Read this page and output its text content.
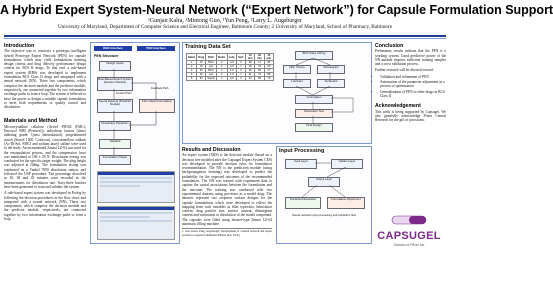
A Hybrid Expert System-Neural Network (“Expert Network”) for Capsule Formulation Support
¹Gunjan Kalra, ¹Mintong Guo, ¹Yun Peng, ²Larry L. Augsburger
University of Maryland, Department of Computer Science and Electrical Engineer, Baltimore County; 2 University of Maryland, School of Pharmacy, Baltimore
Introduction
The objective was to construct a prototype intelligent hybrid Prototype Expert Network (PEN) for capsule formulation, which may yield formulations meeting design criteria and drug delivery performance design criteria for BCS II drugs. To that end, a rule-based expert system (RBS) was developed to implement formulation BCS Class II drugs and integrated with a neural network (NN). These two components, which comprise the decision module and the predictor module, respectively, are connected together by two information exchange paths to form a loop. The system is believed to have the power to design a suitable capsule formulation to meet both requirements of quality control and dissolution.
Materials and Method
Microcrystalline cellulose (Avicel PH102 (FMC); Emcocel 90M (Penwest)), anhydrous lactose (direct tableting grade; Quest International), pregelatinized starch (Starch 1500, Colorcon), croscarmellose sodium (Ac-Di-Sol, FMC) and sodium lauryl sulfate were used in the study. An instrumented Zanasi LZ-64 was used for the encapsulation process, and the compression force was maintained at 100 ± 20 N. Dissolution testing was conducted for the specific target weight. The plug height was adjusted at filling. The formulation testing was conducted on a Vankel 7000 dissolution station, and followed the USP procedure. The percentage dissolved in 10, 30 and 45 minutes were recorded as the measurements for dissolution rate. Sixty-three batches have been generated to train and validate the system.
A rule-based expert system was developed in Prolog by following the decision procedures in the flow chart, and integrated with a neural network (NN). These two components, which comprise the decision module and the predictor module, respectively, are connected together by two information exchange paths to form a loop.
RBS Interface	PEN Interface
PEN Structure
Design Inputs
Rule-Based Expert System (Decision Module)
Neural Network (Predictor Module)
Dissolution Prediction
Fail / Adjust Formulation
Satisfied
Formulation Output
Feedback Path
Forward Path
Training Data Set
Batch	Drug	Filler	Disint.	Lubr.	Surf.	10 min	30 min	45 min
1	15	MCC	2	0.5	0	38	71	85
2	15	Lac	4	0.5	1	45	79	90
3	30	MCC	2	1.0	0	29	62	77
4	30	Lac	4	1.0	1	41	74	88
5	50	Starch	2	0.5	0	22	55	70
BCS Class II Drug
Filler Choice	Disintegrant
Lubricant	Surfactant
Formulation
Dissolution Test
Final Design
Results and Discussion
An expert system (XRS) is the decision module (based on a decision tree modeled after the Capsugel Expert System CES) was developed to provide decision rules for formulation recommendation. The NN is the prediction module (using backpropagation learning) was developed to predict the probability for the expected outcomes of the recommended formulation. The NN was trained with experiment data to capture the causal associations between the formulation and the outcome. The training was conducted with two experimental datasets using processes as a model drug. The datasets represent two response surface designs for the capsule formulations which were developed to reflect the mapping from such variables as filler type/ratio, lubrication content, drug particle size, surface content, disintegrant content and surfactants to dissolution of the model compound. The capsules were filled using dosator-type Zanasi LZ-64 automatic filling machine.
1. Guo, Kalra, Peng, Augsburger: Development of a neural network and expert system for capsule formulation (Pharm. Dev. Tech.)
Input Processing
Input Layer	Hidden Layer
Output Layer
Predicted Dissolution	Formulation Adjustment
Neural network input processing and prediction flow
Conclusion
Preliminary results indicate that the PEN is a working system. Good predictive power of the NN module requires sufficient training samples and a cross validation process.
Further research will be directed toward:
• Validation and refinement of PEN
• Automation of the parameter adjustment as a process of optimization
• Generalization of PEN to other drugs in BCS Class II
Acknowledgement
This work is being supported by Capsugel. We also gratefully acknowledge Pfizer Central Research for the gift of piroxicam.
CAPSUGEL
Division of Pfizer Inc
